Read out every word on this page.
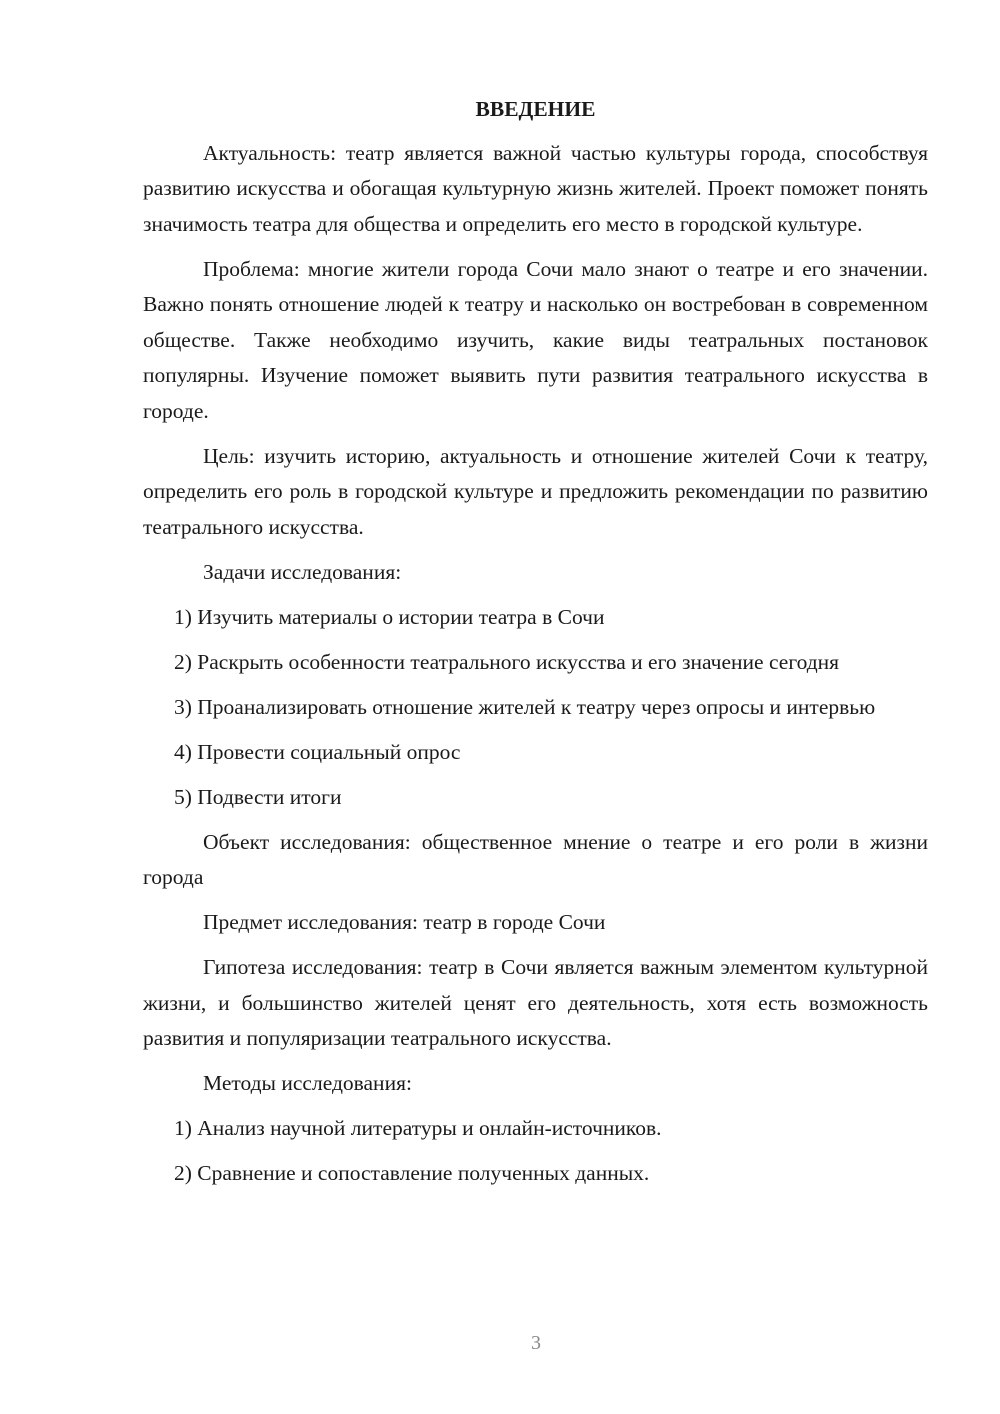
ВВЕДЕНИЕ

Актуальность: театр является важной частью культуры города, способствуя развитию искусства и обогащая культурную жизнь жителей. Проект поможет понять значимость театра для общества и определить его место в городской культуре.

Проблема: многие жители города Сочи мало знают о театре и его значении. Важно понять отношение людей к театру и насколько он востребован в современном обществе. Также необходимо изучить, какие виды театральных постановок популярны. Изучение поможет выявить пути развития театрального искусства в городе.

Цель: изучить историю, актуальность и отношение жителей Сочи к театру, определить его роль в городской культуре и предложить рекомендации по развитию театрального искусства.

Задачи исследования:

1) Изучить материалы о истории театра в Сочи

2) Раскрыть особенности театрального искусства и его значение сегодня

3) Проанализировать отношение жителей к театру через опросы и интервью

4) Провести социальный опрос

5) Подвести итоги

Объект исследования: общественное мнение о театре и его роли в жизни города

Предмет исследования: театр в городе Сочи

Гипотеза исследования: театр в Сочи является важным элементом культурной жизни, и большинство жителей ценят его деятельность, хотя есть возможность развития и популяризации театрального искусства.

Методы исследования:

1) Анализ научной литературы и онлайн-источников.

2) Сравнение и сопоставление полученных данных.

3
